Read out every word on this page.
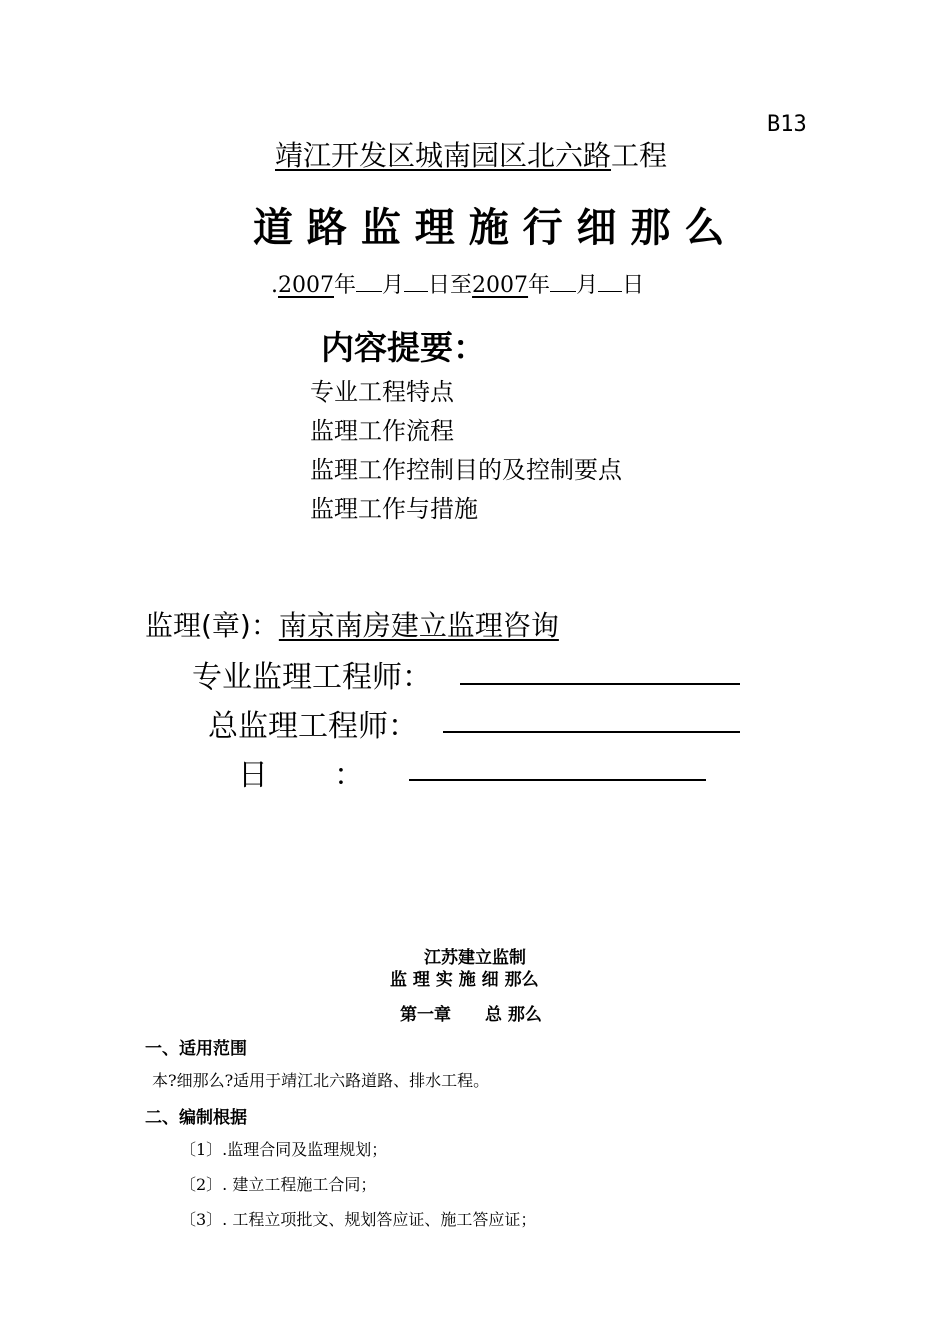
B13
靖江开发区城南园区北六路工程
道 路 监 理 施 行 细 那 么
.2007年 月 日至2007年 月 日
内容提要：
专业工程特点
监理工作流程
监理工作控制目的及控制要点
监理工作与措施
监理(章)：南京南房建立监理咨询
专业监理工程师：
总监理工程师：
日 ：
江苏建立监制
监 理 实 施 细 那么
第一章　　总 那么
一、适用范围
本?细那么?适用于靖江北六路道路、排水工程。
二、编制根据
〔1〕.监理合同及监理规划；
〔2〕. 建立工程施工合同；
〔3〕. 工程立项批文、规划答应证、施工答应证；
